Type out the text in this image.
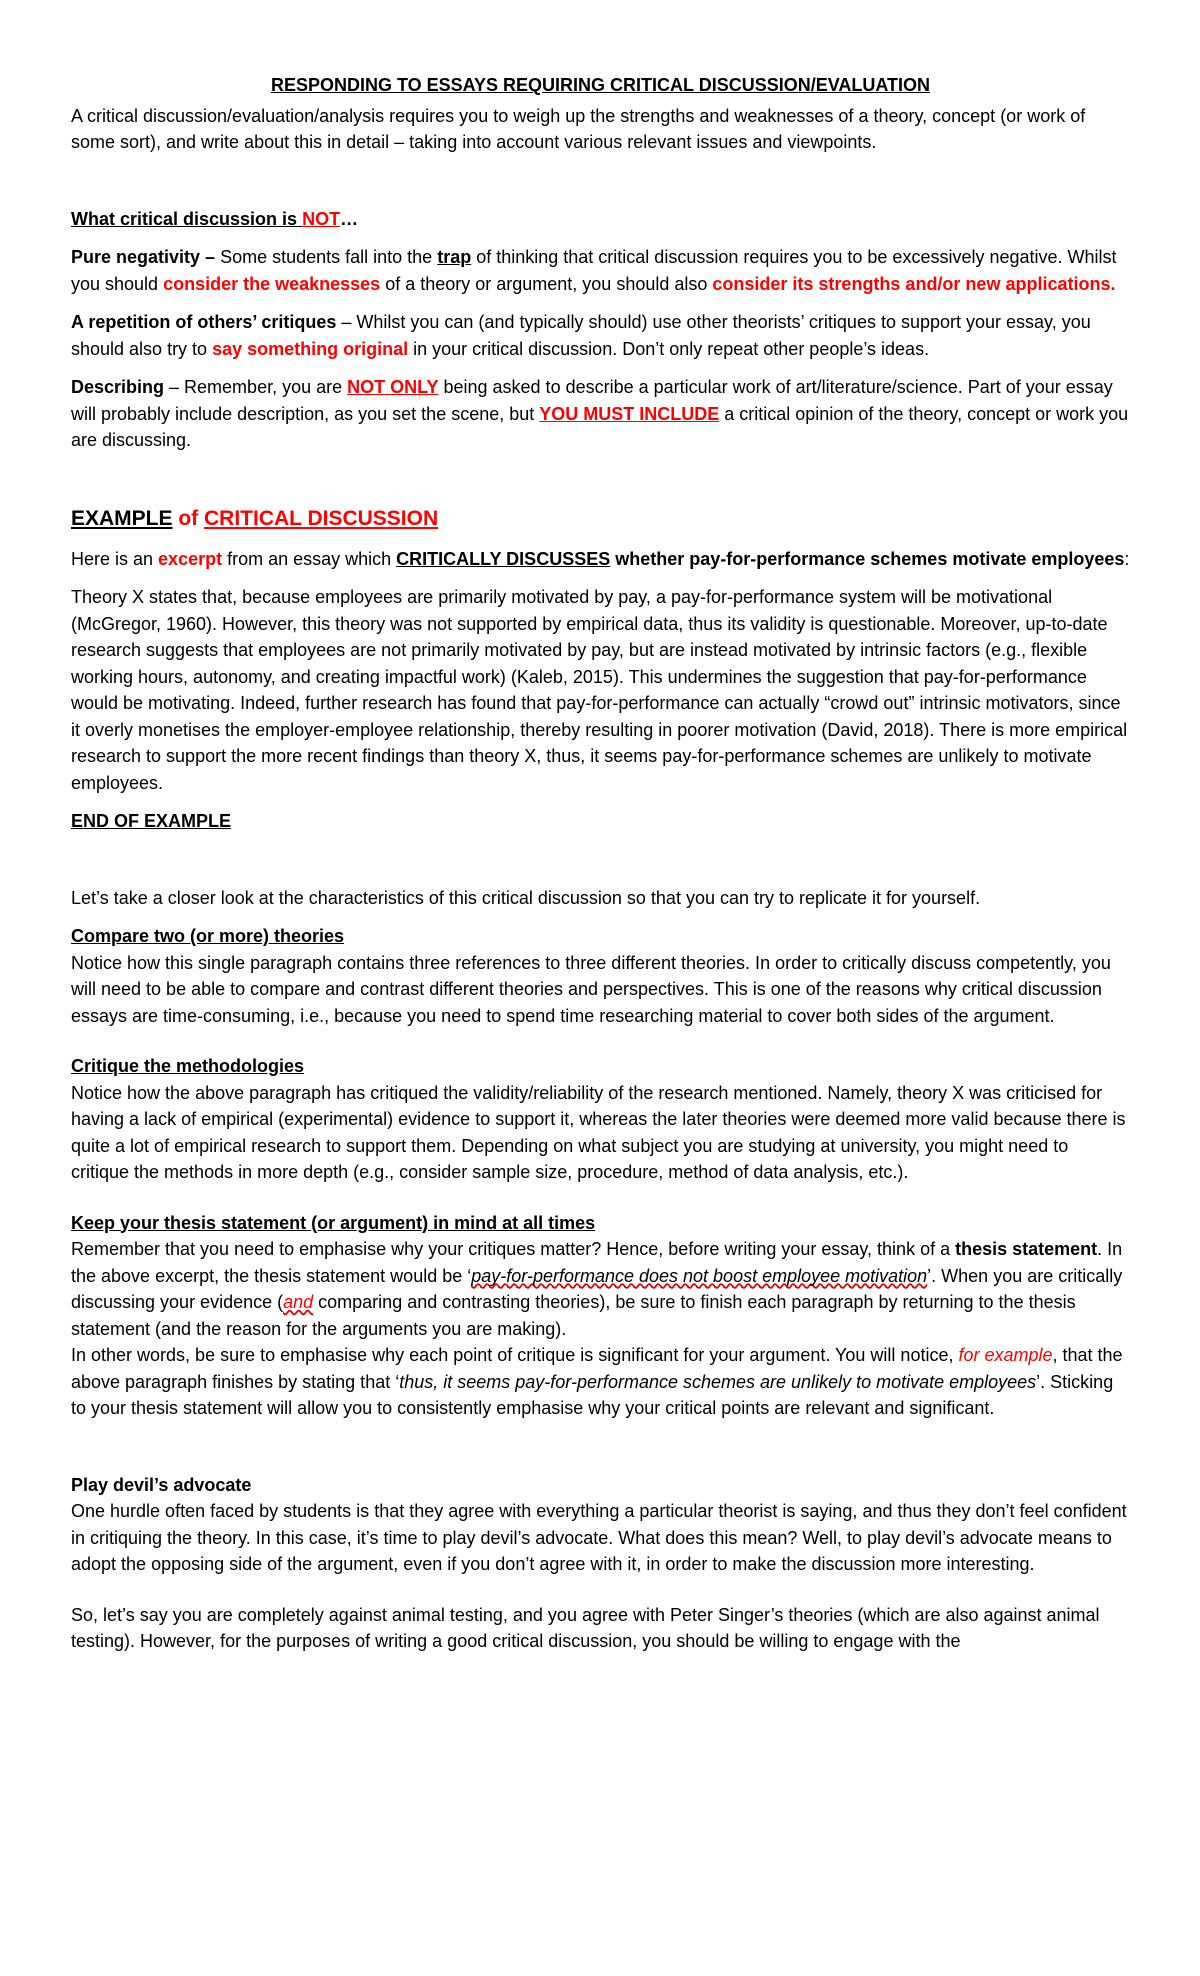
RESPONDING TO ESSAYS REQUIRING CRITICAL DISCUSSION/EVALUATION

A critical discussion/evaluation/analysis requires you to weigh up the strengths and weaknesses of a theory, concept (or work of some sort), and write about this in detail – taking into account various relevant issues and viewpoints.

What critical discussion is NOT…

Pure negativity – Some students fall into the trap of thinking that critical discussion requires you to be excessively negative. Whilst you should consider the weaknesses of a theory or argument, you should also consider its strengths and/or new applications.

A repetition of others’ critiques – Whilst you can (and typically should) use other theorists’ critiques to support your essay, you should also try to say something original in your critical discussion. Don’t only repeat other people’s ideas.

Describing – Remember, you are NOT ONLY being asked to describe a particular work of art/literature/science. Part of your essay will probably include description, as you set the scene, but YOU MUST INCLUDE a critical opinion of the theory, concept or work you are discussing.

EXAMPLE of CRITICAL DISCUSSION

Here is an excerpt from an essay which CRITICALLY DISCUSSES whether pay-for-performance schemes motivate employees:

Theory X states that, because employees are primarily motivated by pay, a pay-for-performance system will be motivational (McGregor, 1960). However, this theory was not supported by empirical data, thus its validity is questionable. Moreover, up-to-date research suggests that employees are not primarily motivated by pay, but are instead motivated by intrinsic factors (e.g., flexible working hours, autonomy, and creating impactful work) (Kaleb, 2015). This undermines the suggestion that pay-for-performance would be motivating. Indeed, further research has found that pay-for-performance can actually “crowd out” intrinsic motivators, since it overly monetises the employer-employee relationship, thereby resulting in poorer motivation (David, 2018). There is more empirical research to support the more recent findings than theory X, thus, it seems pay-for-performance schemes are unlikely to motivate employees.

END OF EXAMPLE

Let’s take a closer look at the characteristics of this critical discussion so that you can try to replicate it for yourself.

Compare two (or more) theories

Notice how this single paragraph contains three references to three different theories. In order to critically discuss competently, you will need to be able to compare and contrast different theories and perspectives. This is one of the reasons why critical discussion essays are time-consuming, i.e., because you need to spend time researching material to cover both sides of the argument.

Critique the methodologies

Notice how the above paragraph has critiqued the validity/reliability of the research mentioned. Namely, theory X was criticised for having a lack of empirical (experimental) evidence to support it, whereas the later theories were deemed more valid because there is quite a lot of empirical research to support them. Depending on what subject you are studying at university, you might need to critique the methods in more depth (e.g., consider sample size, procedure, method of data analysis, etc.).

Keep your thesis statement (or argument) in mind at all times

Remember that you need to emphasise why your critiques matter? Hence, before writing your essay, think of a thesis statement. In the above excerpt, the thesis statement would be ‘pay-for-performance does not boost employee motivation’. When you are critically discussing your evidence (and comparing and contrasting theories), be sure to finish each paragraph by returning to the thesis statement (and the reason for the arguments you are making).

In other words, be sure to emphasise why each point of critique is significant for your argument. You will notice, for example, that the above paragraph finishes by stating that ‘thus, it seems pay-for-performance schemes are unlikely to motivate employees’. Sticking to your thesis statement will allow you to consistently emphasise why your critical points are relevant and significant.

Play devil’s advocate

One hurdle often faced by students is that they agree with everything a particular theorist is saying, and thus they don’t feel confident in critiquing the theory. In this case, it’s time to play devil’s advocate. What does this mean? Well, to play devil’s advocate means to adopt the opposing side of the argument, even if you don’t agree with it, in order to make the discussion more interesting.

So, let’s say you are completely against animal testing, and you agree with Peter Singer’s theories (which are also against animal testing). However, for the purposes of writing a good critical discussion, you should be willing to engage with the
